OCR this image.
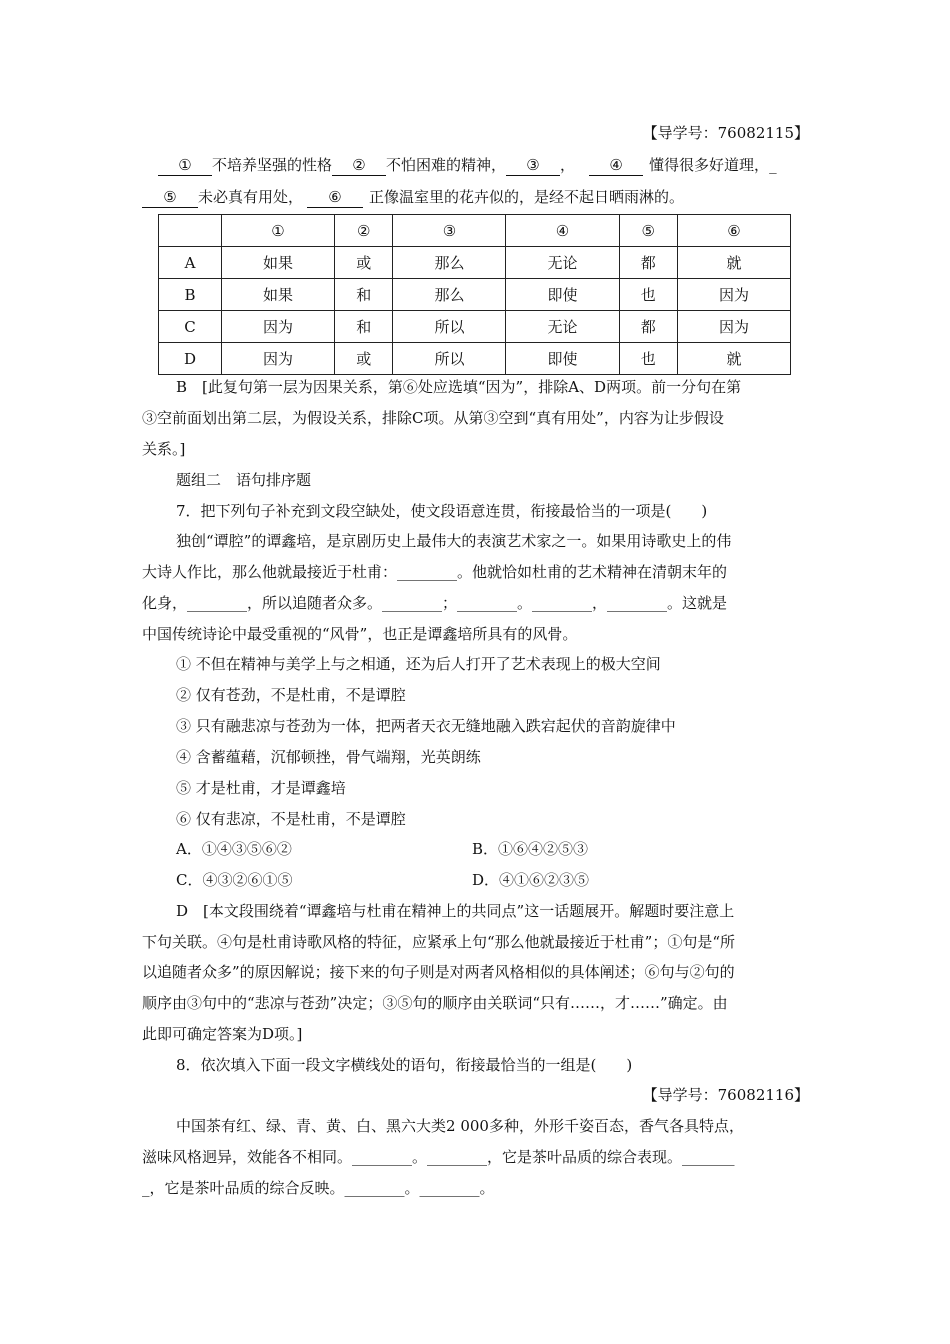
【导学号：76082115】
① 不培养坚强的性格 ② 不怕困难的精神， ③ ， ④ 懂得很多好道理，_
⑤ 未必真有用处， ⑥ 正像温室里的花卉似的，是经不起日晒雨淋的。
	①	②	③	④	⑤	⑥
A	如果	或	那么	无论	都	就
B	如果	和	那么	即使	也	因为
C	因为	和	所以	无论	都	因为
D	因为	或	所以	即使	也	就
B　[此复句第一层为因果关系，第⑥处应选填“因为”，排除A、D两项。前一分句在第
③空前面划出第二层，为假设关系，排除C项。从第③空到“真有用处”，内容为让步假设
关系。]
题组二　语句排序题
7．把下列句子补充到文段空缺处，使文段语意连贯，衔接最恰当的一项是(　　)
独创“谭腔”的谭鑫培，是京剧历史上最伟大的表演艺术家之一。如果用诗歌史上的伟
大诗人作比，那么他就最接近于杜甫：________。他就恰如杜甫的艺术精神在清朝末年的
化身，________，所以追随者众多。________；________。________，________。这就是
中国传统诗论中最受重视的“风骨”，也正是谭鑫培所具有的风骨。
① 不但在精神与美学上与之相通，还为后人打开了艺术表现上的极大空间
② 仅有苍劲，不是杜甫，不是谭腔
③ 只有融悲凉与苍劲为一体，把两者天衣无缝地融入跌宕起伏的音韵旋律中
④ 含蓄蕴藉，沉郁顿挫，骨气端翔，光英朗练
⑤ 才是杜甫，才是谭鑫培
⑥ 仅有悲凉，不是杜甫，不是谭腔
A．①④③⑤⑥②	B．①⑥④②⑤③
C．④③②⑥①⑤	D．④①⑥②③⑤
D　[本文段围绕着“谭鑫培与杜甫在精神上的共同点”这一话题展开。解题时要注意上
下句关联。④句是杜甫诗歌风格的特征，应紧承上句“那么他就最接近于杜甫”；①句是“所
以追随者众多”的原因解说；接下来的句子则是对两者风格相似的具体阐述；⑥句与②句的
顺序由③句中的“悲凉与苍劲”决定；③⑤句的顺序由关联词“只有……，才……”确定。由
此即可确定答案为D项。]
8．依次填入下面一段文字横线处的语句，衔接最恰当的一组是(　　)
【导学号：76082116】
中国茶有红、绿、青、黄、白、黑六大类2 000多种，外形千姿百态，香气各具特点，
滋味风格迥异，效能各不相同。________。________，它是茶叶品质的综合表现。_______
_，它是茶叶品质的综合反映。________。________。
